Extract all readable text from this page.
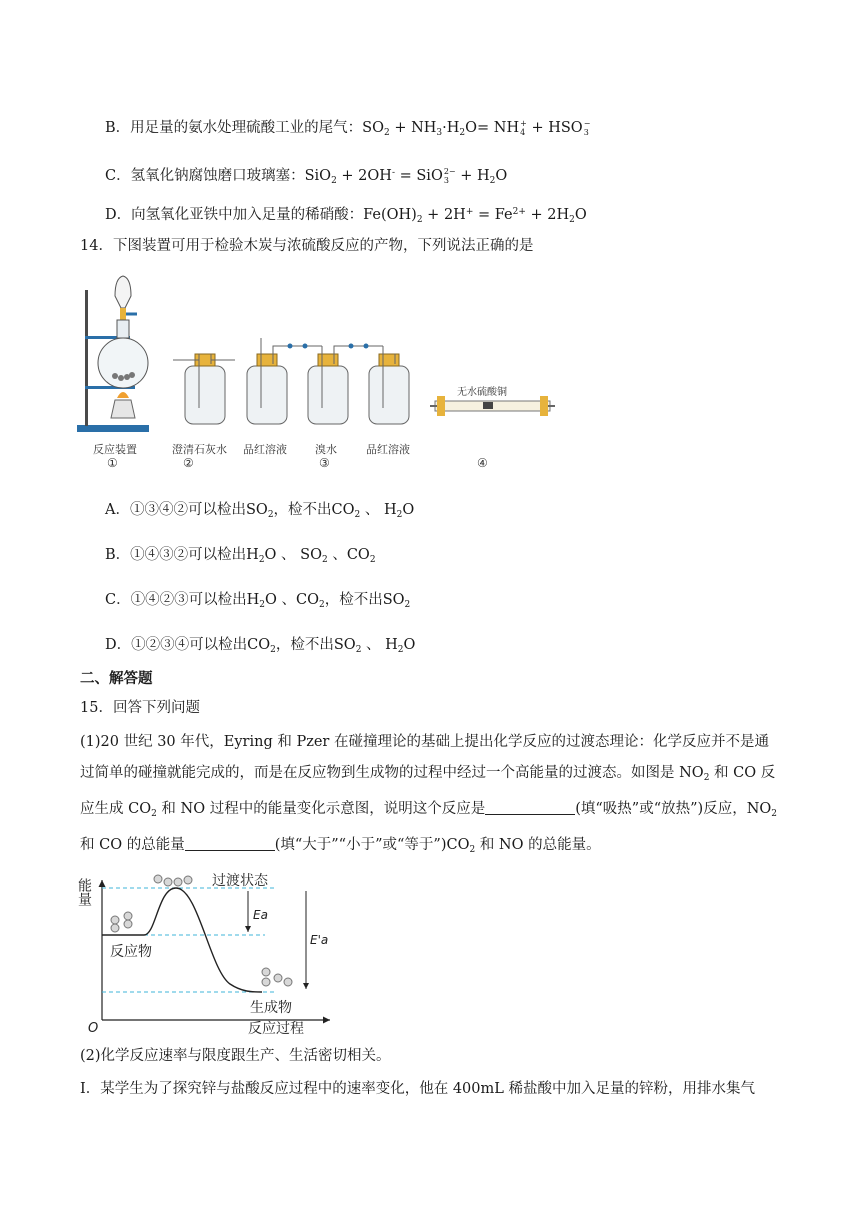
B．用足量的氨水处理硫酸工业的尾气：$SO_2 + NH_3\cdot H_2O=$ NH +
4 + HSO −
3
C．氢氧化钠腐蚀磨口玻璃塞：SiO$_2$ + 2OH- = SiO 2−
$3 + H_2O$
D．向氢氧化亚铁中加入足量的稀硝酸：$Fe(OH)_2 + 2H^+ = Fe^{2+} + 2H_2O$
14．下图装置可用于检验木炭与浓硫酸反应的产物，下列说法正确的是
无水硫酸铜
反应装置
①
澄清石灰水
②
品红溶液	溴水
③
品红溶液
④
A．①③④②可以检出$SO_2$，检不出$CO_2$ 、 $H_2O$
B．①④③②可以检出$H_2O$ 、 $SO_2$ 、$CO_2$
C．①④②③可以检出$H_2O$ 、$CO_2$，检不出$SO_2$
D．①②③④可以检出$CO_2$，检不出$SO_2$ 、 $H_2O$
二、解答题
15．回答下列问题
(1)20 世纪 30 年代，Eyring 和 Pzer 在碰撞理论的基础上提出化学反应的过渡态理论：化学反应并不是通过简单的碰撞就能完成的，而是在反应物到生成物的过程中经过一个高能量的过渡态。如图是 $NO_2$ 和 CO 反应生成 $CO_2$ 和 NO 过程中的能量变化示意图，说明这个反应是	(填“吸热”或“放热”)反应，$NO_2$ 和 CO 的总能量	(填“大于”“小于”或“等于$”)CO_2$ 和 NO 的总能量。
能量
O	反应过程
过渡状态
反应物
生成物
Ea
E'a
(2)化学反应速率与限度跟生产、生活密切相关。
Ⅰ．某学生为了探究锌与盐酸反应过程中的速率变化，他在 400mL 稀盐酸中加入足量的锌粉，用排水集气
